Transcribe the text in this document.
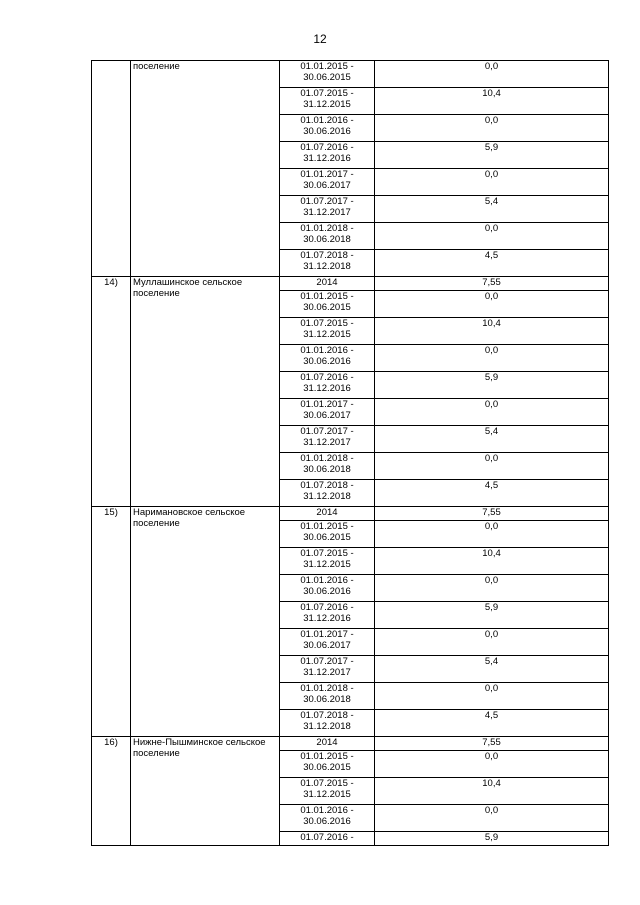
12
	поселение	01.01.2015 - 30.06.2015	0,0
		01.07.2015 - 31.12.2015	10,4
		01.01.2016 - 30.06.2016	0,0
		01.07.2016 - 31.12.2016	5,9
		01.01.2017 - 30.06.2017	0,0
		01.07.2017 - 31.12.2017	5,4
		01.01.2018 - 30.06.2018	0,0
		01.07.2018 - 31.12.2018	4,5
14)	Муллашинское сельское поселение	2014	7,55
		01.01.2015 - 30.06.2015	0,0
		01.07.2015 - 31.12.2015	10,4
		01.01.2016 - 30.06.2016	0,0
		01.07.2016 - 31.12.2016	5,9
		01.01.2017 - 30.06.2017	0,0
		01.07.2017 - 31.12.2017	5,4
		01.01.2018 - 30.06.2018	0,0
		01.07.2018 - 31.12.2018	4,5
15)	Наримановское сельское поселение	2014	7,55
		01.01.2015 - 30.06.2015	0,0
		01.07.2015 - 31.12.2015	10,4
		01.01.2016 - 30.06.2016	0,0
		01.07.2016 - 31.12.2016	5,9
		01.01.2017 - 30.06.2017	0,0
		01.07.2017 - 31.12.2017	5,4
		01.01.2018 - 30.06.2018	0,0
		01.07.2018 - 31.12.2018	4,5
16)	Нижне-Пышминское сельское поселение	2014	7,55
		01.01.2015 - 30.06.2015	0,0
		01.07.2015 - 31.12.2015	10,4
		01.01.2016 - 30.06.2016	0,0
		01.07.2016 -	5,9
